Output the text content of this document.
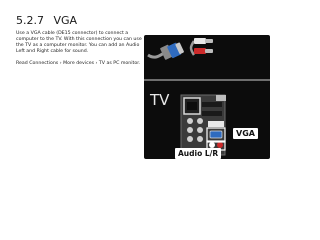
5.2.7 VGA

Use a VGA cable (DE15 connector) to connect a computer to the TV. With this connection you can use the TV as a computer monitor. You can add an Audio Left and Right cable for sound.

Read Connections › More devices › TV as PC monitor.

TV
VGA
Audio L/R
